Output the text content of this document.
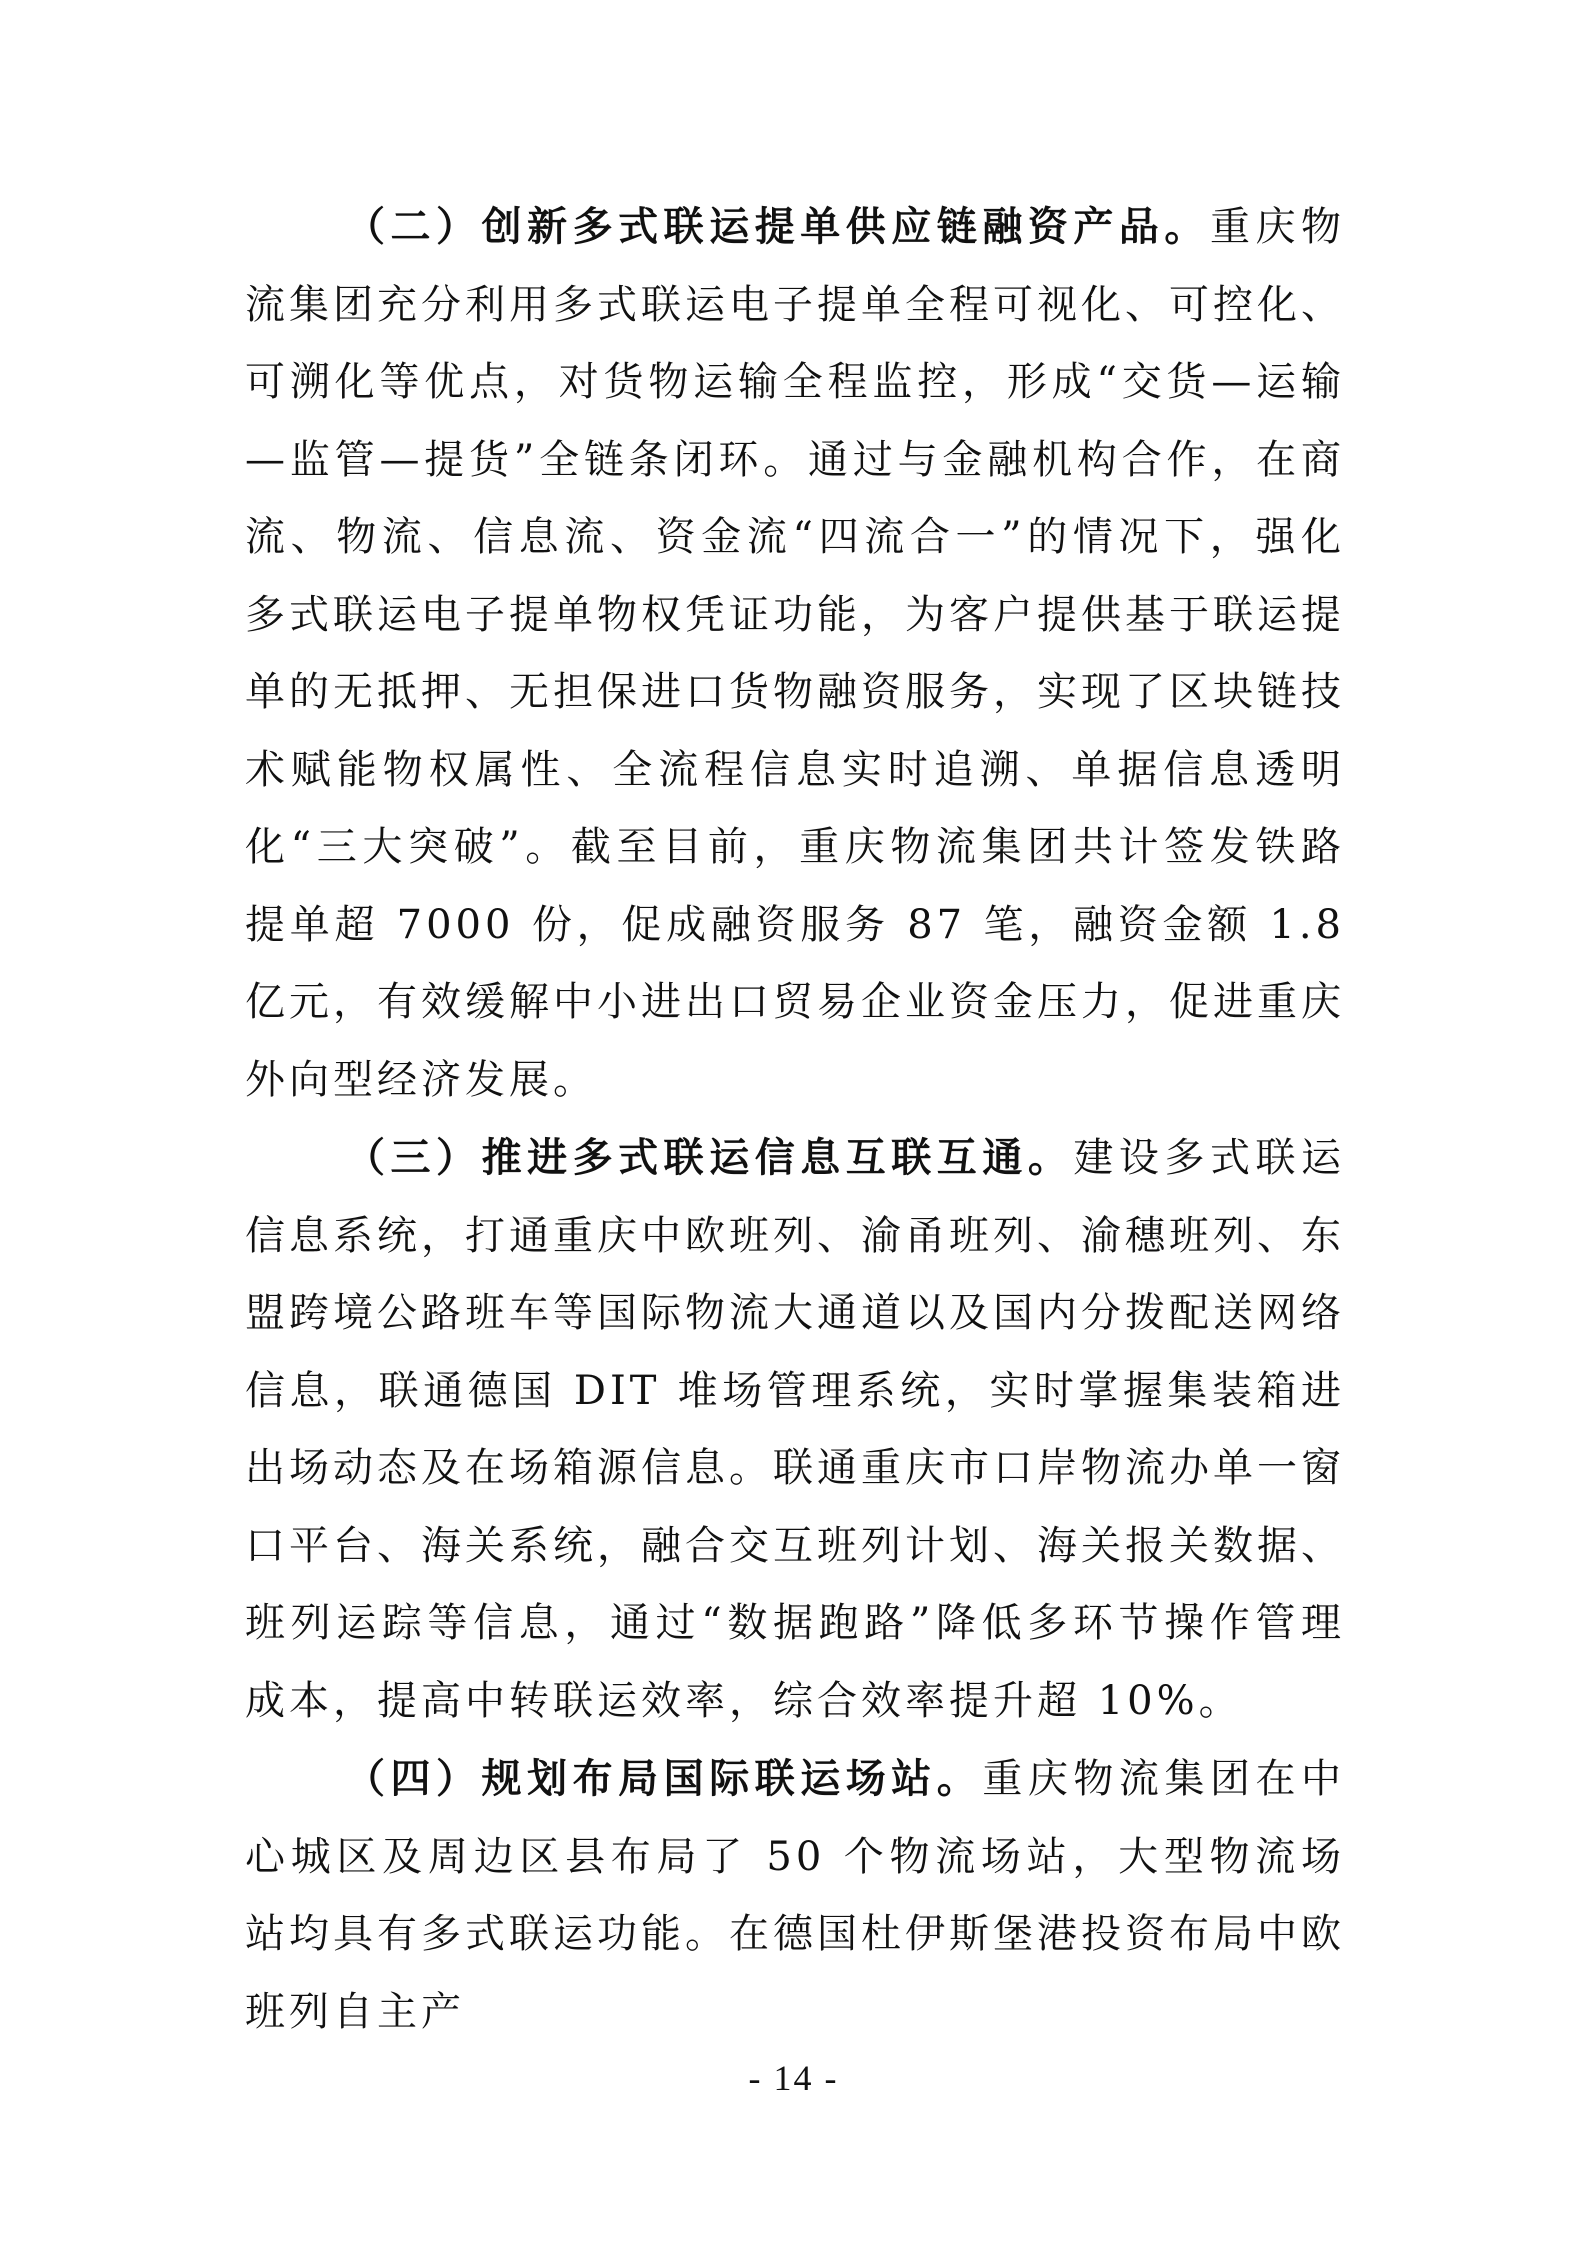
（二）创新多式联运提单供应链融资产品。重庆物流集团充分利用多式联运电子提单全程可视化、可控化、可溯化等优点，对货物运输全程监控，形成“交货—运输—监管—提货”全链条闭环。通过与金融机构合作，在商流、物流、信息流、资金流“四流合一”的情况下，强化多式联运电子提单物权凭证功能，为客户提供基于联运提单的无抵押、无担保进口货物融资服务，实现了区块链技术赋能物权属性、全流程信息实时追溯、单据信息透明化“三大突破”。截至目前，重庆物流集团共计签发铁路提单超 7000 份，促成融资服务 87 笔，融资金额 1.8 亿元，有效缓解中小进出口贸易企业资金压力，促进重庆外向型经济发展。

（三）推进多式联运信息互联互通。建设多式联运信息系统，打通重庆中欧班列、渝甬班列、渝穗班列、东盟跨境公路班车等国际物流大通道以及国内分拨配送网络信息，联通德国 DIT 堆场管理系统，实时掌握集装箱进出场动态及在场箱源信息。联通重庆市口岸物流办单一窗口平台、海关系统，融合交互班列计划、海关报关数据、班列运踪等信息，通过“数据跑路”降低多环节操作管理成本，提高中转联运效率，综合效率提升超 10%。

（四）规划布局国际联运场站。重庆物流集团在中心城区及周边区县布局了 50 个物流场站，大型物流场站均具有多式联运功能。在德国杜伊斯堡港投资布局中欧班列自主产

- 14 -
